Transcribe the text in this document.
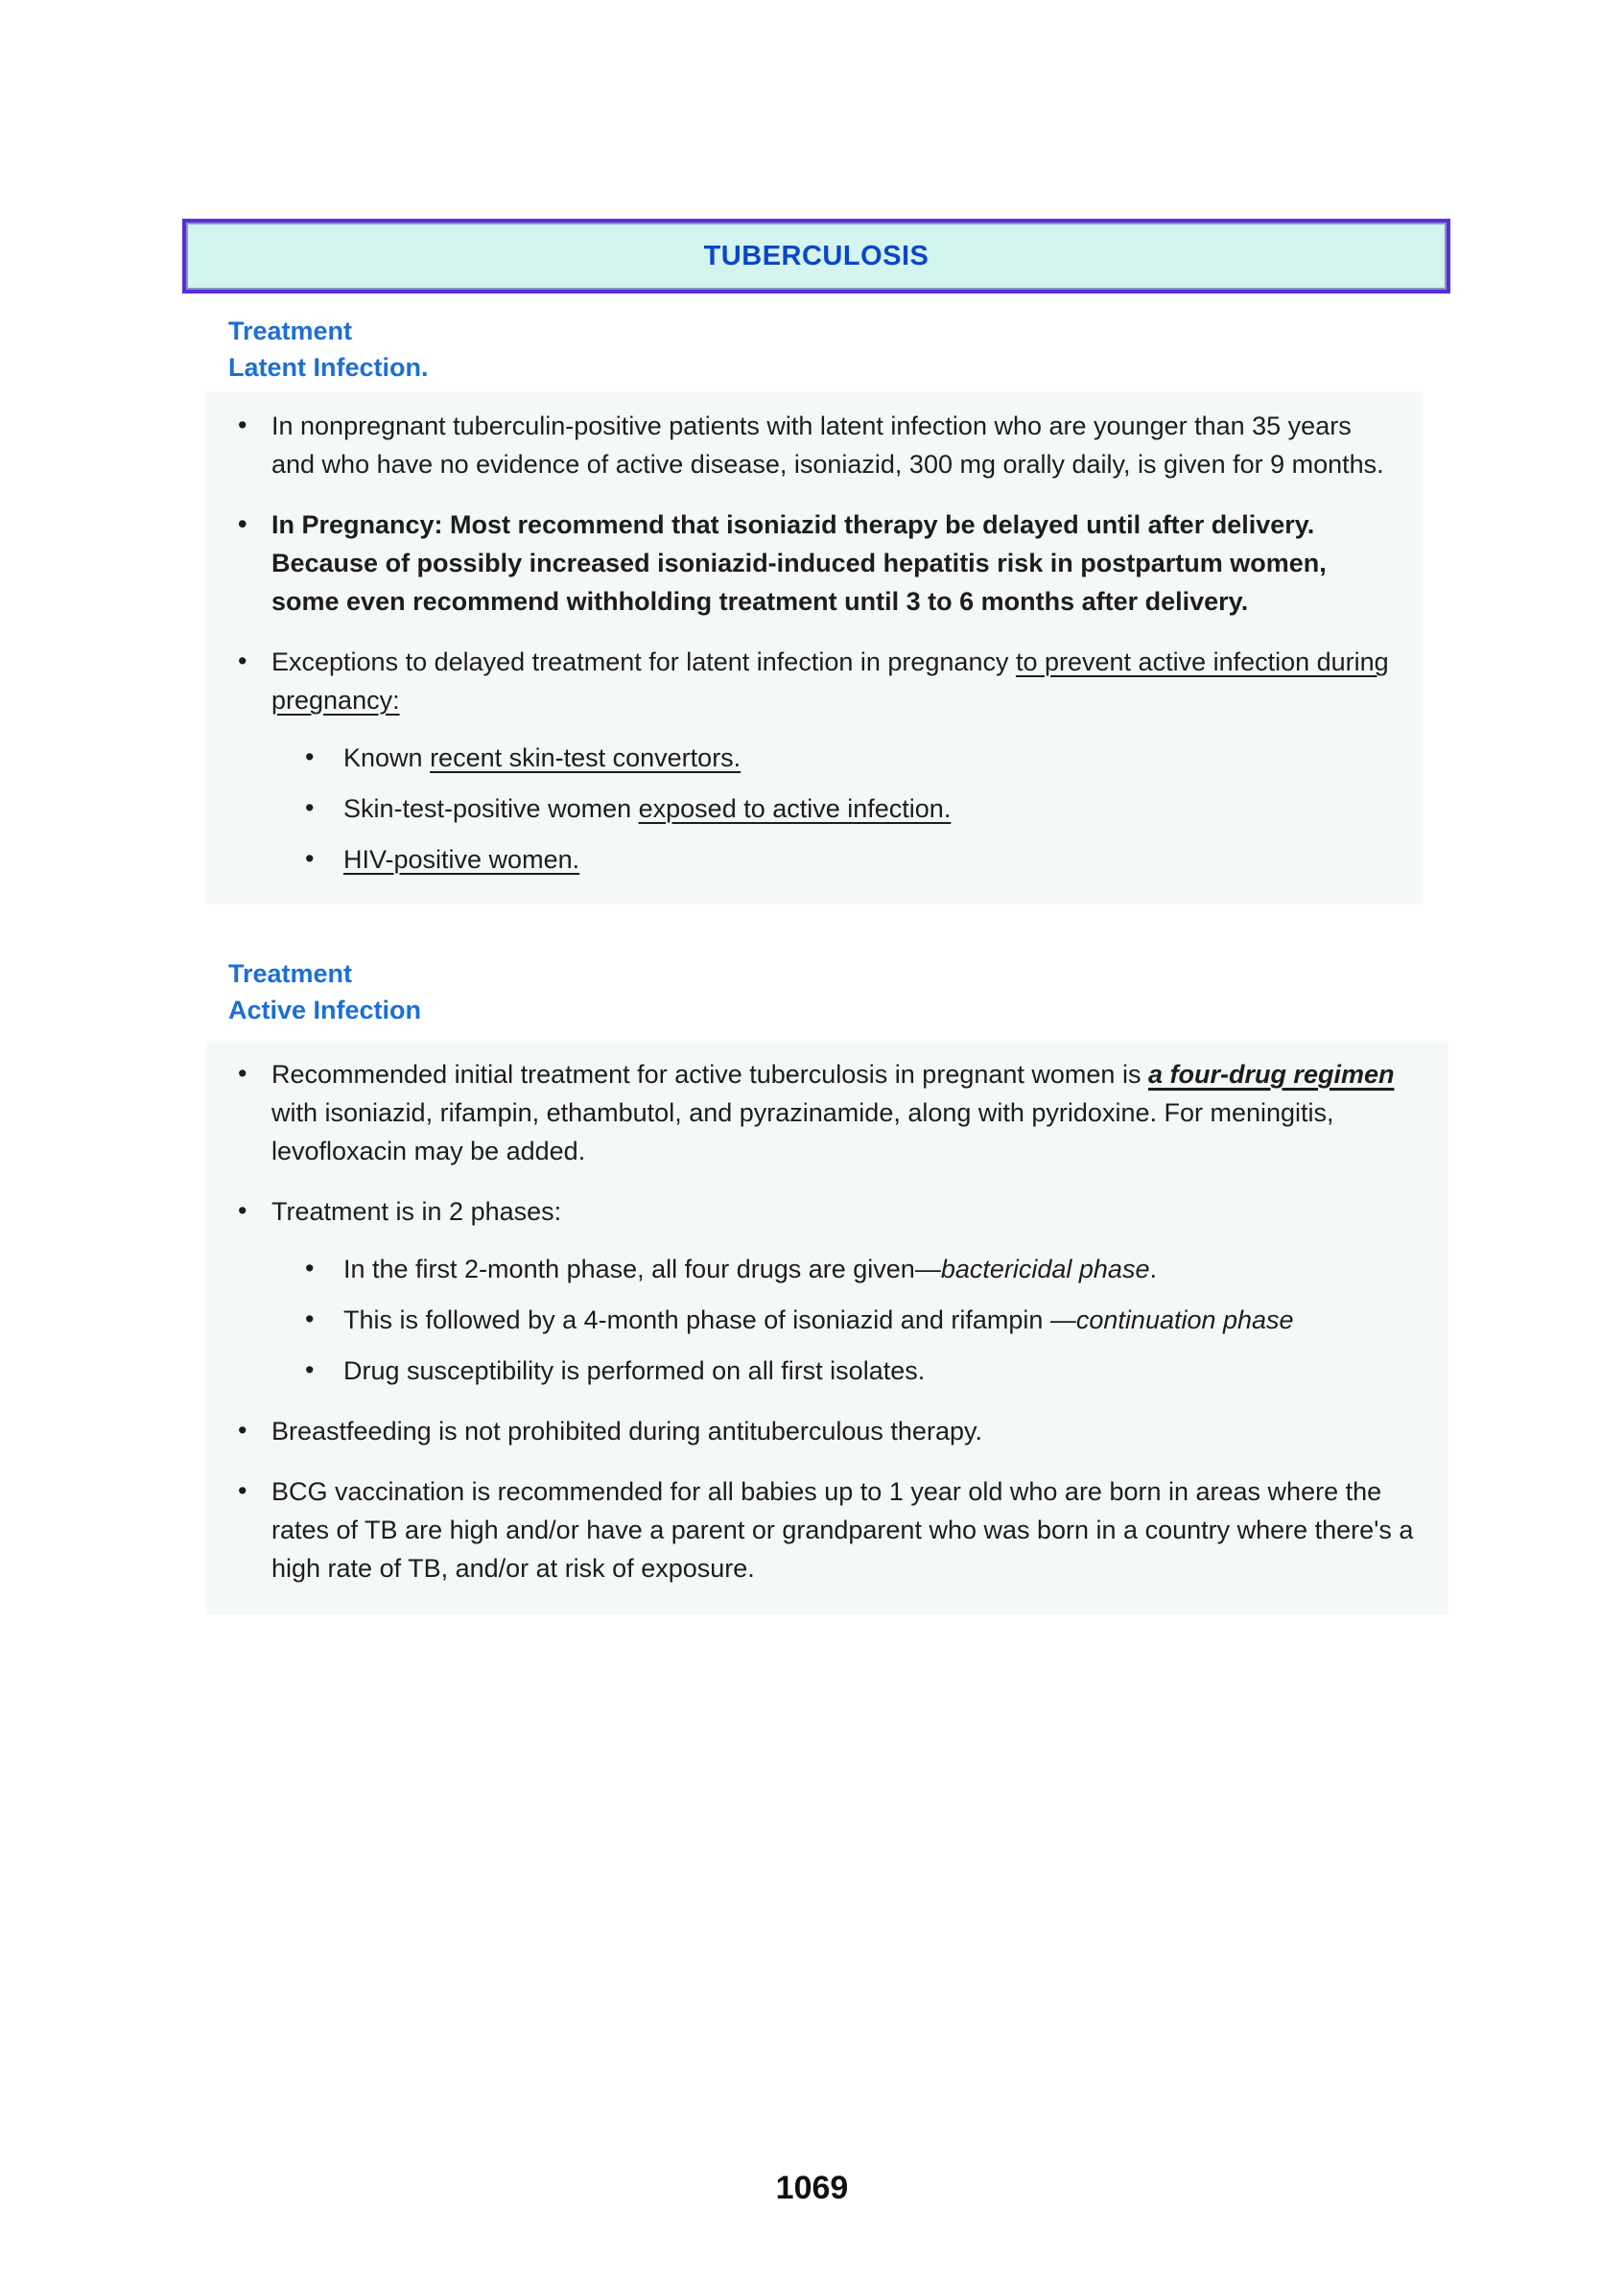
TUBERCULOSIS
Treatment
Latent Infection.
• In nonpregnant tuberculin-positive patients with latent infection who are younger than 35 years and who have no evidence of active disease, isoniazid, 300 mg orally daily, is given for 9 months.
• In Pregnancy: Most recommend that isoniazid therapy be delayed until after delivery. Because of possibly increased isoniazid-induced hepatitis risk in postpartum women, some even recommend withholding treatment until 3 to 6 months after delivery.
• Exceptions to delayed treatment for latent infection in pregnancy to prevent active infection during pregnancy:
• Known recent skin-test convertors.
• Skin-test-positive women exposed to active infection.
• HIV-positive women.
Treatment
Active Infection
• Recommended initial treatment for active tuberculosis in pregnant women is a four-drug regimen with isoniazid, rifampin, ethambutol, and pyrazinamide, along with pyridoxine. For meningitis, levofloxacin may be added.
• Treatment is in 2 phases:
• In the first 2-month phase, all four drugs are given—bactericidal phase.
• This is followed by a 4-month phase of isoniazid and rifampin —continuation phase
• Drug susceptibility is performed on all first isolates.
• Breastfeeding is not prohibited during antituberculous therapy.
• BCG vaccination is recommended for all babies up to 1 year old who are born in areas where the rates of TB are high and/or have a parent or grandparent who was born in a country where there's a high rate of TB, and/or at risk of exposure.
1069
